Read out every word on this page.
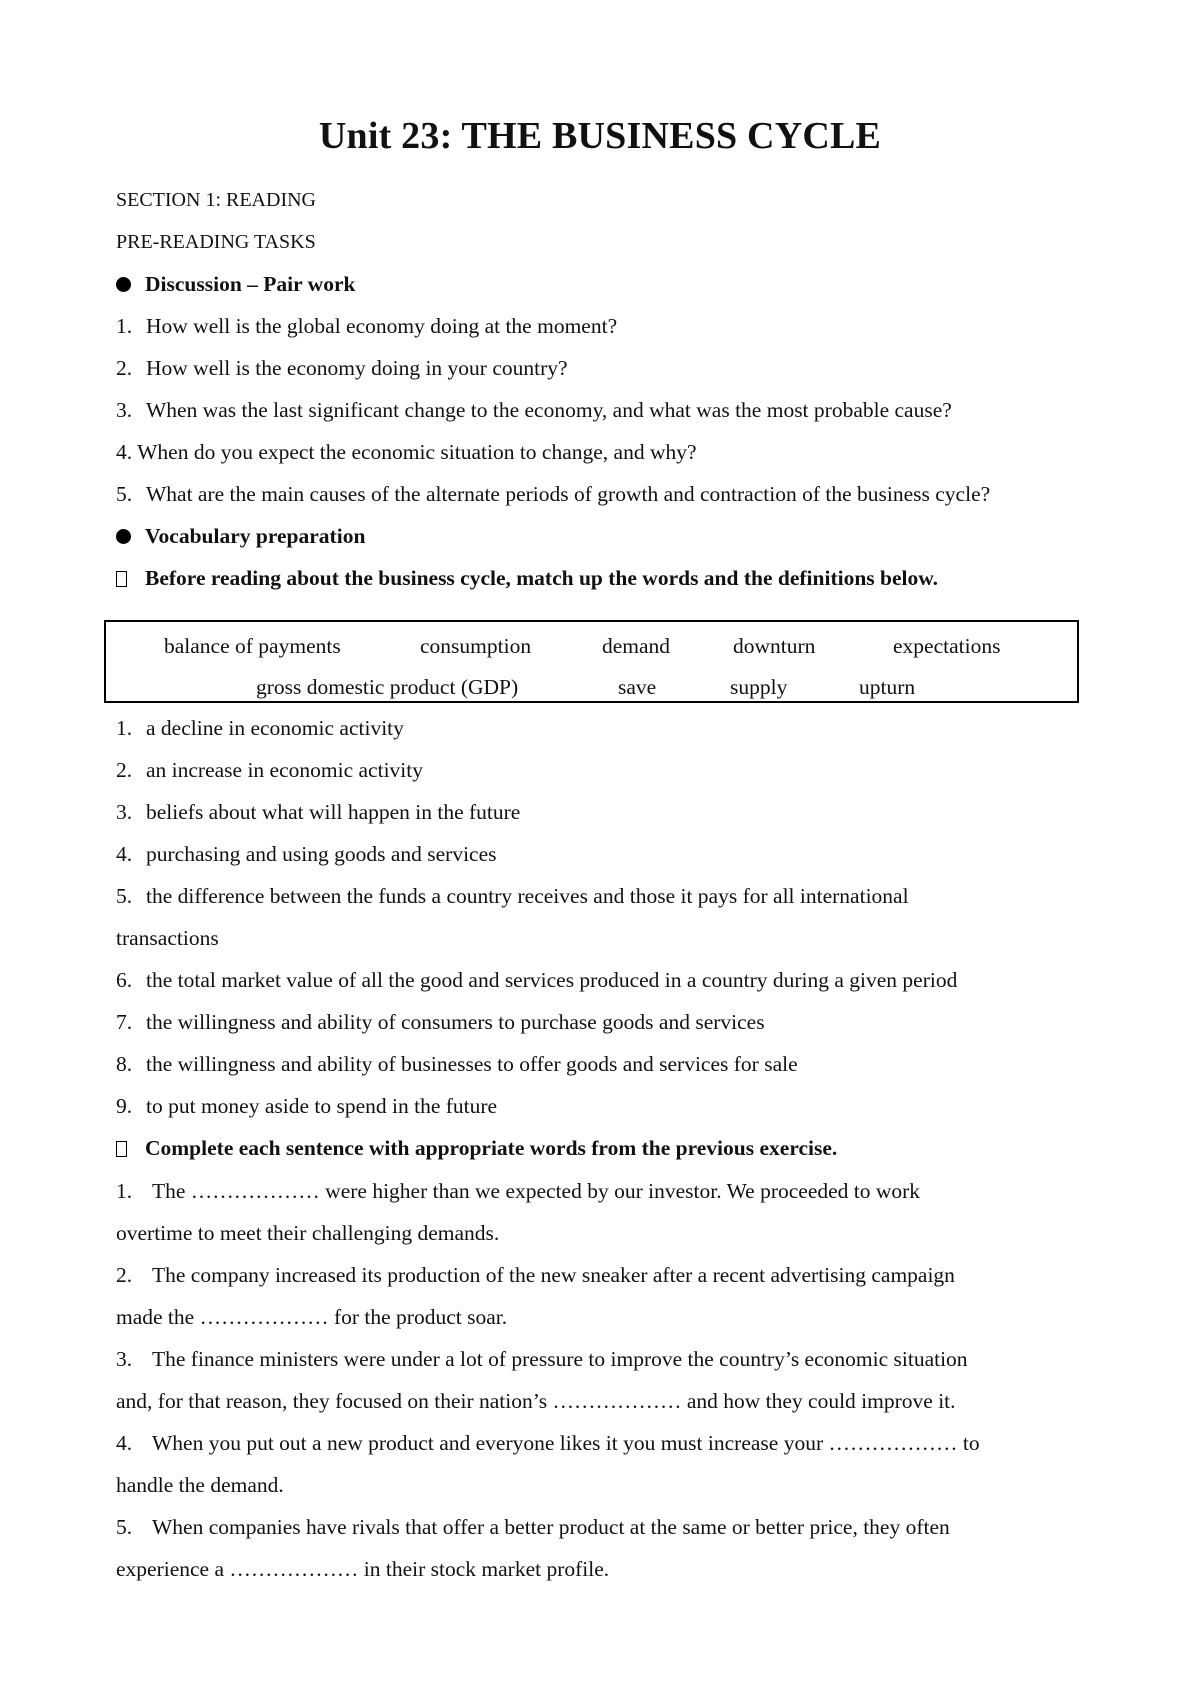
Unit 23: THE BUSINESS CYCLE
SECTION 1: READING
PRE-READING TASKS
Discussion – Pair work
1. How well is the global economy doing at the moment?
2. How well is the economy doing in your country?
3. When was the last significant change to the economy, and what was the most probable cause?
4. When do you expect the economic situation to change, and why?
5. What are the main causes of the alternate periods of growth and contraction of the business cycle?
Vocabulary preparation
Before reading about the business cycle, match up the words and the definitions below.
balance of payments	consumption	demand	downturn	expectations
gross domestic product (GDP)	save	supply	upturn
1. a decline in economic activity
2. an increase in economic activity
3. beliefs about what will happen in the future
4. purchasing and using goods and services
5. the difference between the funds a country receives and those it pays for all international
transactions
6. the total market value of all the good and services produced in a country during a given period
7. the willingness and ability of consumers to purchase goods and services
8. the willingness and ability of businesses to offer goods and services for sale
9. to put money aside to spend in the future
Complete each sentence with appropriate words from the previous exercise.
1. The ……………… were higher than we expected by our investor. We proceeded to work
overtime to meet their challenging demands.
2. The company increased its production of the new sneaker after a recent advertising campaign
made the ……………… for the product soar.
3. The finance ministers were under a lot of pressure to improve the country’s economic situation
and, for that reason, they focused on their nation’s ……………… and how they could improve it.
4. When you put out a new product and everyone likes it you must increase your ……………… to
handle the demand.
5. When companies have rivals that offer a better product at the same or better price, they often
experience a ……………… in their stock market profile.
